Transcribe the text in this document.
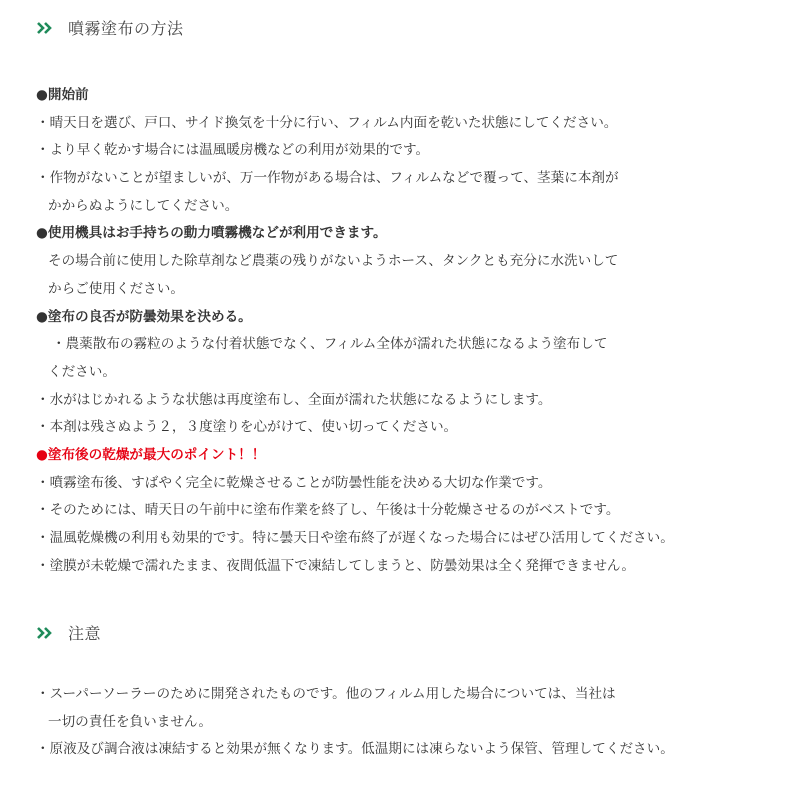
噴霧塗布の方法
●開始前
・晴天日を選び、戸口、サイド換気を十分に行い、フィルム内面を乾いた状態にしてください。
・より早く乾かす場合には温風暖房機などの利用が効果的です。
・作物がないことが望ましいが、万一作物がある場合は、フィルムなどで覆って、茎葉に本剤が
かからぬようにしてください。
●使用機具はお手持ちの動力噴霧機などが利用できます。
その場合前に使用した除草剤など農薬の残りがないようホース、タンクとも充分に水洗いして
からご使用ください。
●塗布の良否が防曇効果を決める。
・農薬散布の霧粒のような付着状態でなく、フィルム全体が濡れた状態になるよう塗布して
ください。
・水がはじかれるような状態は再度塗布し、全面が濡れた状態になるようにします。
・本剤は残さぬよう２，３度塗りを心がけて、使い切ってください。
●塗布後の乾燥が最大のポイント！！
・噴霧塗布後、すばやく完全に乾燥させることが防曇性能を決める大切な作業です。
・そのためには、晴天日の午前中に塗布作業を終了し、午後は十分乾燥させるのがベストです。
・温風乾燥機の利用も効果的です。特に曇天日や塗布終了が遅くなった場合にはぜひ活用してください。
・塗膜が未乾燥で濡れたまま、夜間低温下で凍結してしまうと、防曇効果は全く発揮できません。
注意
・スーパーソーラーのために開発されたものです。他のフィルム用した場合については、当社は
一切の責任を負いません。
・原液及び調合液は凍結すると効果が無くなります。低温期には凍らないよう保管、管理してください。
